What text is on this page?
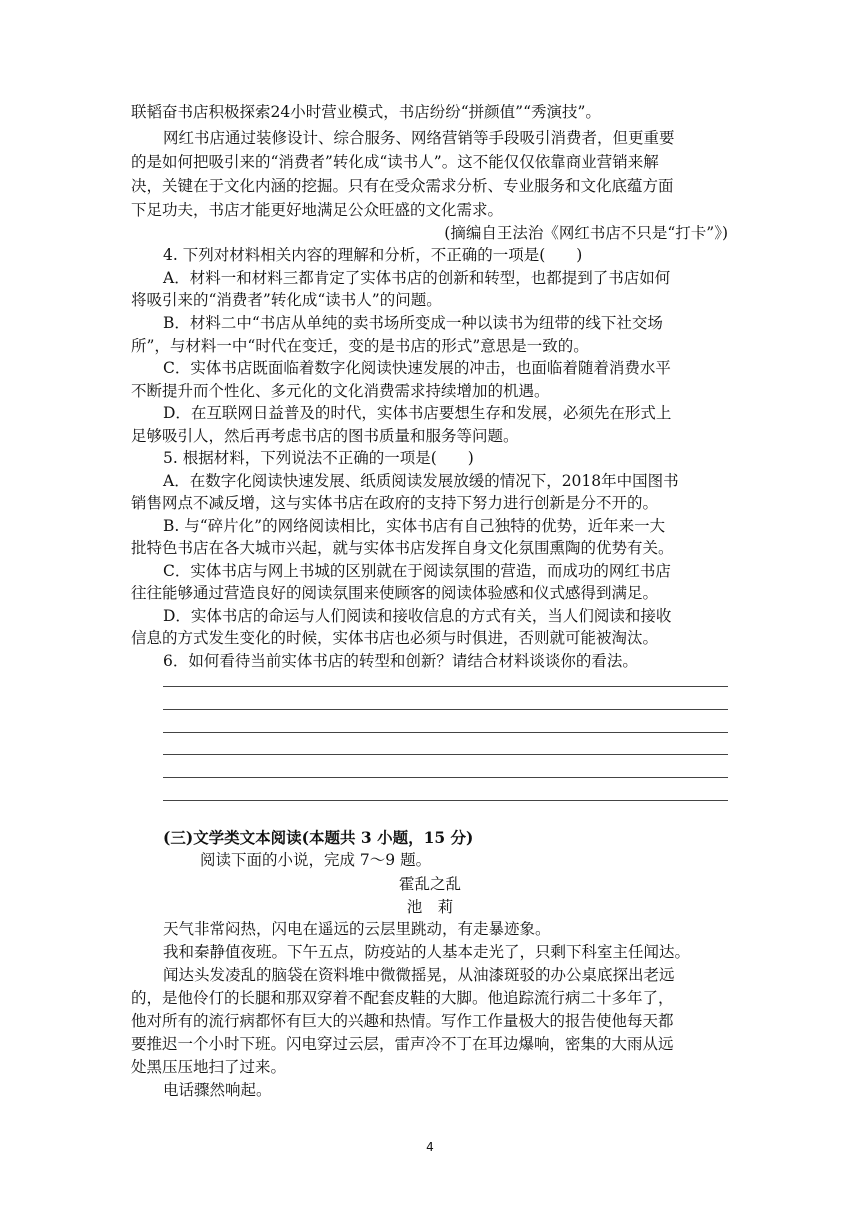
联韬奋书店积极探索24小时营业模式，书店纷纷“拼颜值”“秀演技”。
网红书店通过装修设计、综合服务、网络营销等手段吸引消费者，但更重要
的是如何把吸引来的“消费者”转化成“读书人”。这不能仅仅依靠商业营销来解
决，关键在于文化内涵的挖掘。只有在受众需求分析、专业服务和文化底蕴方面
下足功夫，书店才能更好地满足公众旺盛的文化需求。
(摘编自王法治《网红书店不只是“打卡”》)
4. 下列对材料相关内容的理解和分析，不正确的一项是(　　)
A．材料一和材料三都肯定了实体书店的创新和转型，也都提到了书店如何
将吸引来的“消费者”转化成“读书人”的问题。
B．材料二中“书店从单纯的卖书场所变成一种以读书为纽带的线下社交场
所”，与材料一中“时代在变迁，变的是书店的形式”意思是一致的。
C．实体书店既面临着数字化阅读快速发展的冲击，也面临着随着消费水平
不断提升而个性化、多元化的文化消费需求持续增加的机遇。
D．在互联网日益普及的时代，实体书店要想生存和发展，必须先在形式上
足够吸引人，然后再考虑书店的图书质量和服务等问题。
5. 根据材料，下列说法不正确的一项是(　　)
A．在数字化阅读快速发展、纸质阅读发展放缓的情况下，2018年中国图书
销售网点不减反增，这与实体书店在政府的支持下努力进行创新是分不开的。
B. 与“碎片化”的网络阅读相比，实体书店有自己独特的优势，近年来一大
批特色书店在各大城市兴起，就与实体书店发挥自身文化氛围熏陶的优势有关。
C．实体书店与网上书城的区别就在于阅读氛围的营造，而成功的网红书店
往往能够通过营造良好的阅读氛围来使顾客的阅读体验感和仪式感得到满足。
D．实体书店的命运与人们阅读和接收信息的方式有关，当人们阅读和接收
信息的方式发生变化的时候，实体书店也必须与时俱进，否则就可能被淘汰。
6．如何看待当前实体书店的转型和创新？请结合材料谈谈你的看法。
(三)文学类文本阅读(本题共 3 小题，15 分)
阅读下面的小说，完成 7～9 题。
霍乱之乱
池　莉
天气非常闷热，闪电在遥远的云层里跳动，有走暴迹象。
我和秦静值夜班。下午五点，防疫站的人基本走光了，只剩下科室主任闻达。
闻达头发凌乱的脑袋在资料堆中微微摇晃，从油漆斑驳的办公桌底探出老远
的，是他伶仃的长腿和那双穿着不配套皮鞋的大脚。他追踪流行病二十多年了，
他对所有的流行病都怀有巨大的兴趣和热情。写作工作量极大的报告使他每天都
要推迟一个小时下班。闪电穿过云层，雷声冷不丁在耳边爆响，密集的大雨从远
处黑压压地扫了过来。
电话骤然响起。
4
